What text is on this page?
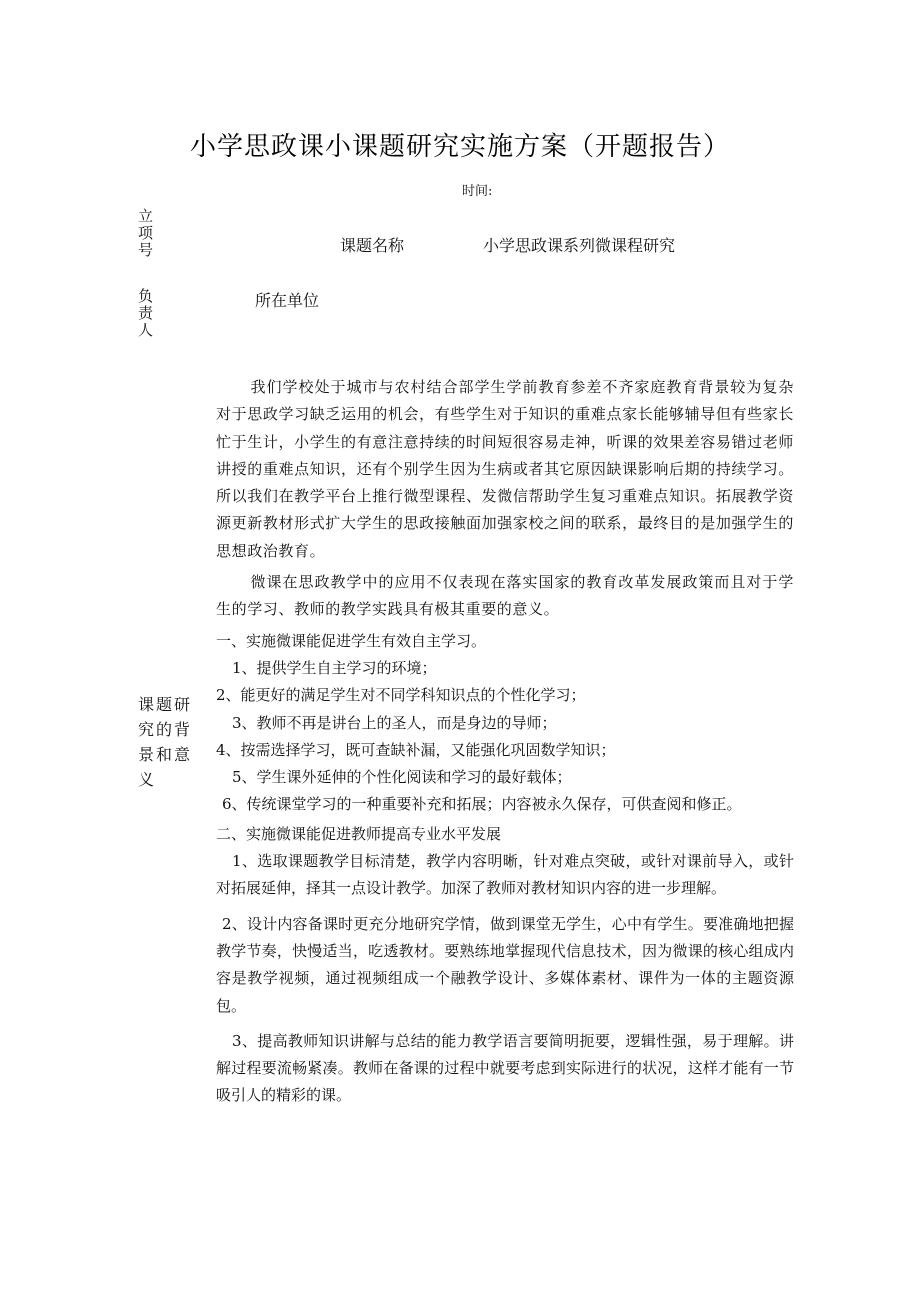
小学思政课小课题研究实施方案（开题报告）
时间:
立项号	课题名称	小学思政课系列微课程研究
负责人
所在单位
课题研究的背景和意义

我们学校处于城市与农村结合部学生学前教育参差不齐家庭教育背景较为复杂对于思政学习缺乏运用的机会，有些学生对于知识的重难点家长能够辅导但有些家长忙于生计，小学生的有意注意持续的时间短很容易走神，听课的效果差容易错过老师讲授的重难点知识，还有个别学生因为生病或者其它原因缺课影响后期的持续学习。所以我们在教学平台上推行微型课程、发微信帮助学生复习重难点知识。拓展教学资源更新教材形式扩大学生的思政接触面加强家校之间的联系，最终目的是加强学生的思想政治教育。

微课在思政教学中的应用不仅表现在落实国家的教育改革发展政策而且对于学生的学习、教师的教学实践具有极其重要的意义。

一、实施微课能促进学生有效自主学习。

1、提供学生自主学习的环境；

2、能更好的满足学生对不同学科知识点的个性化学习；

3、教师不再是讲台上的圣人，而是身边的导师；

4、按需选择学习，既可查缺补漏，又能强化巩固数学知识；

5、学生课外延伸的个性化阅读和学习的最好载体；

6、传统课堂学习的一种重要补充和拓展；内容被永久保存，可供查阅和修正。

二、实施微课能促进教师提高专业水平发展

1、选取课题教学目标清楚，教学内容明晰，针对难点突破，或针对课前导入，或针对拓展延伸，择其一点设计教学。加深了教师对教材知识内容的进一步理解。

2、设计内容备课时更充分地研究学情，做到课堂无学生，心中有学生。要准确地把握教学节奏，快慢适当，吃透教材。要熟练地掌握现代信息技术，因为微课的核心组成内容是教学视频，通过视频组成一个融教学设计、多媒体素材、课件为一体的主题资源包。

3、提高教师知识讲解与总结的能力教学语言要简明扼要，逻辑性强，易于理解。讲解过程要流畅紧凑。教师在备课的过程中就要考虑到实际进行的状况，这样才能有一节吸引人的精彩的课。
